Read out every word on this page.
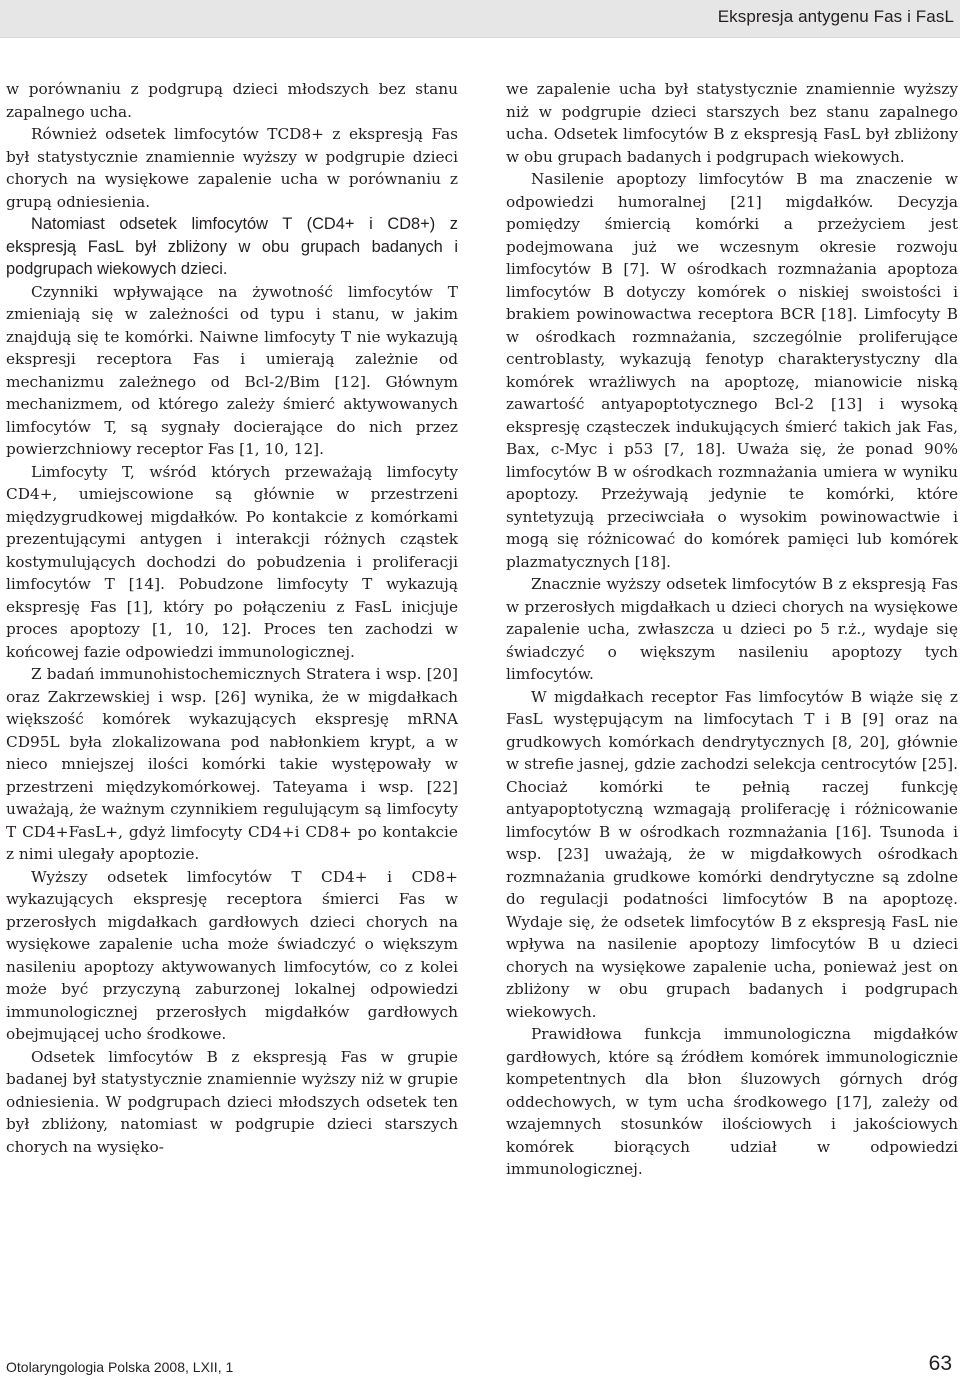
Ekspresja antygenu Fas i FasL

w porównaniu z podgrupą dzieci młodszych bez stanu zapalnego ucha.

Również odsetek limfocytów TCD8+ z ekspresją Fas był statystycznie znamiennie wyższy w podgrupie dzieci chorych na wysiękowe zapalenie ucha w porównaniu z grupą odniesienia.

Natomiast odsetek limfocytów T (CD4+ i CD8+) z ekspresją FasL był zbliżony w obu grupach badanych i podgrupach wiekowych dzieci.

Czynniki wpływające na żywotność limfocytów T zmieniają się w zależności od typu i stanu, w jakim znajdują się te komórki. Naiwne limfocyty T nie wykazują ekspresji receptora Fas i umierają zależnie od mechanizmu zależnego od Bcl-2/Bim [12]. Głównym mechanizmem, od którego zależy śmierć aktywowanych limfocytów T, są sygnały docierające do nich przez powierzchniowy receptor Fas [1, 10, 12].

Limfocyty T, wśród których przeważają limfocyty CD4+, umiejscowione są głównie w przestrzeni międzygrudkowej migdałków. Po kontakcie z komórkami prezentującymi antygen i interakcji różnych cząstek kostymulujących dochodzi do pobudzenia i proliferacji limfocytów T [14]. Pobudzone limfocyty T wykazują ekspresję Fas [1], który po połączeniu z FasL inicjuje proces apoptozy [1, 10, 12]. Proces ten zachodzi w końcowej fazie odpowiedzi immunologicznej.

Z badań immunohistochemicznych Stratera i wsp. [20] oraz Zakrzewskiej i wsp. [26] wynika, że w migdałkach większość komórek wykazujących ekspresję mRNA CD95L była zlokalizowana pod nabłonkiem krypt, a w nieco mniejszej ilości komórki takie występowały w przestrzeni międzykomórkowej. Tateyama i wsp. [22] uważają, że ważnym czynnikiem regulującym są limfocyty T CD4+FasL+, gdyż limfocyty CD4+i CD8+ po kontakcie z nimi ulegały apoptozie.

Wyższy odsetek limfocytów T CD4+ i CD8+ wykazujących ekspresję receptora śmierci Fas w przerosłych migdałkach gardłowych dzieci chorych na wysiękowe zapalenie ucha może świadczyć o większym nasileniu apoptozy aktywowanych limfocytów, co z kolei może być przyczyną zaburzonej lokalnej odpowiedzi immunologicznej przerosłych migdałków gardłowych obejmującej ucho środkowe.

Odsetek limfocytów B z ekspresją Fas w grupie badanej był statystycznie znamiennie wyższy niż w grupie odniesienia. W podgrupach dzieci młodszych odsetek ten był zbliżony, natomiast w podgrupie dzieci starszych chorych na wysięko-

we zapalenie ucha był statystycznie znamiennie wyższy niż w podgrupie dzieci starszych bez stanu zapalnego ucha. Odsetek limfocytów B z ekspresją FasL był zbliżony w obu grupach badanych i podgrupach wiekowych.

Nasilenie apoptozy limfocytów B ma znaczenie w odpowiedzi humoralnej [21] migdałków. Decyzja pomiędzy śmiercią komórki a przeżyciem jest podejmowana już we wczesnym okresie rozwoju limfocytów B [7]. W ośrodkach rozmnażania apoptoza limfocytów B dotyczy komórek o niskiej swoistości i brakiem powinowactwa receptora BCR [18]. Limfocyty B w ośrodkach rozmnażania, szczególnie proliferujące centroblasty, wykazują fenotyp charakterystyczny dla komórek wrażliwych na apoptozę, mianowicie niską zawartość antyapoptotycznego Bcl-2 [13] i wysoką ekspresję cząsteczek indukujących śmierć takich jak Fas, Bax, c-Myc i p53 [7, 18]. Uważa się, że ponad 90% limfocytów B w ośrodkach rozmnażania umiera w wyniku apoptozy. Przeżywają jedynie te komórki, które syntetyzują przeciwciała o wysokim powinowactwie i mogą się różnicować do komórek pamięci lub komórek plazmatycznych [18].

Znacznie wyższy odsetek limfocytów B z ekspresją Fas w przerosłych migdałkach u dzieci chorych na wysiękowe zapalenie ucha, zwłaszcza u dzieci po 5 r.ż., wydaje się świadczyć o większym nasileniu apoptozy tych limfocytów.

W migdałkach receptor Fas limfocytów B wiąże się z FasL występującym na limfocytach T i B [9] oraz na grudkowych komórkach dendrytycznych [8, 20], głównie w strefie jasnej, gdzie zachodzi selekcja centrocytów [25]. Chociaż komórki te pełnią raczej funkcję antyapoptotyczną wzmagają proliferację i różnicowanie limfocytów B w ośrodkach rozmnażania [16]. Tsunoda i wsp. [23] uważają, że w migdałkowych ośrodkach rozmnażania grudkowe komórki dendrytyczne są zdolne do regulacji podatności limfocytów B na apoptozę. Wydaje się, że odsetek limfocytów B z ekspresją FasL nie wpływa na nasilenie apoptozy limfocytów B u dzieci chorych na wysiękowe zapalenie ucha, ponieważ jest on zbliżony w obu grupach badanych i podgrupach wiekowych.

Prawidłowa funkcja immunologiczna migdałków gardłowych, które są źródłem komórek immunologicznie kompetentnych dla błon śluzowych górnych dróg oddechowych, w tym ucha środkowego [17], zależy od wzajemnych stosunków ilościowych i jakościowych komórek biorących udział w odpowiedzi immunologicznej.

Otolaryngologia Polska 2008, LXII, 1	63
